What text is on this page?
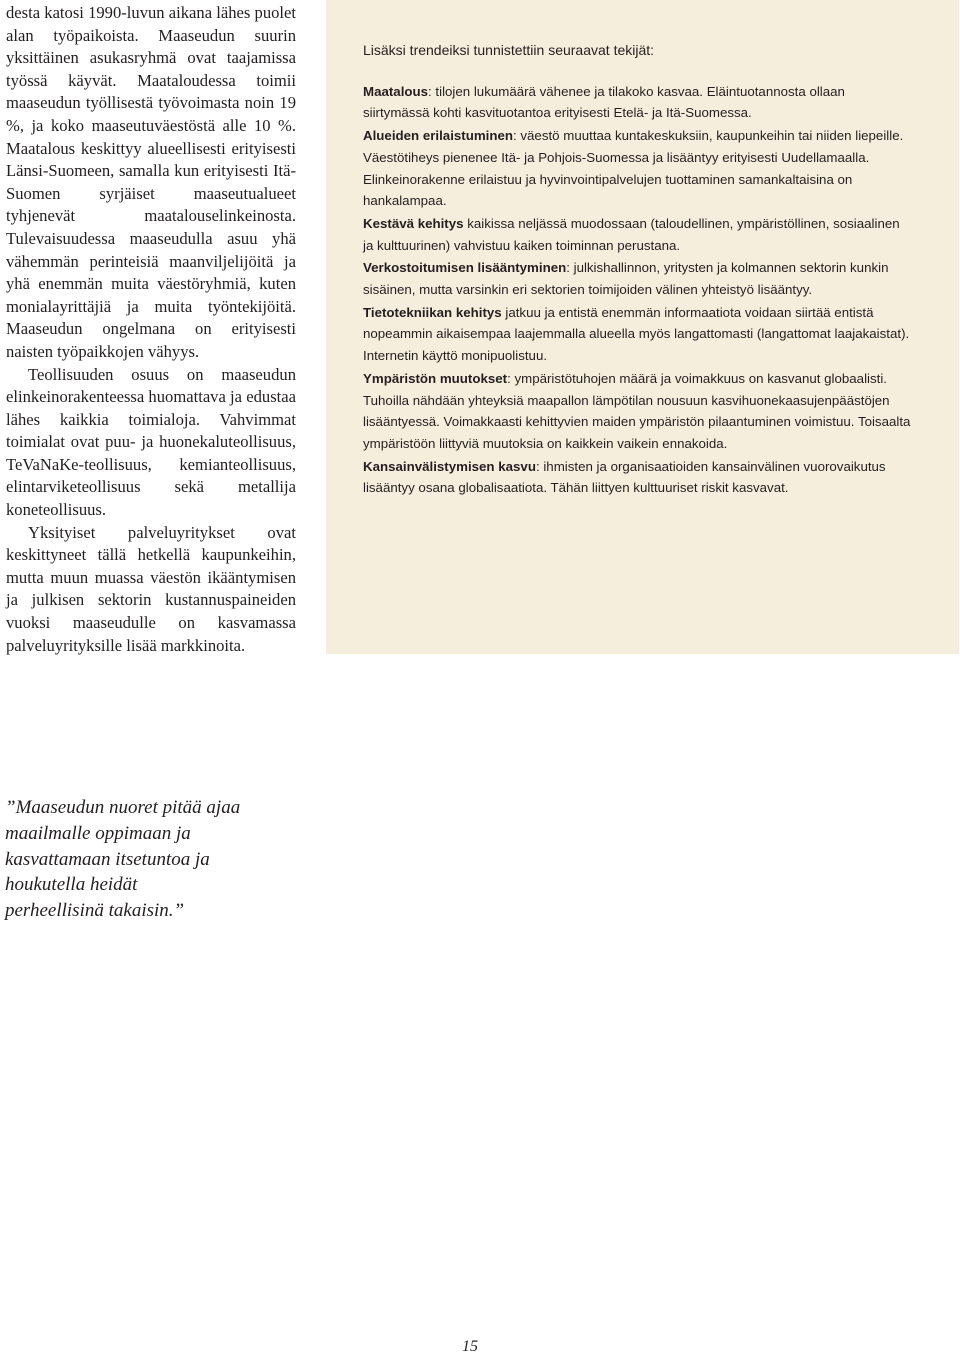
desta katosi 1990-luvun aikana lähes puolet alan työpaikoista. Maaseudun suurin yksittäinen asukasryhmä ovat taajamissa työssä käyvät. Maataloudessa toimii maaseudun työllisestä työvoimasta noin 19 %, ja koko maaseutuväestöstä alle 10 %. Maatalous keskittyy alueellisesti erityisesti Länsi-Suomeen, samalla kun erityisesti Itä-Suomen syrjäiset maaseutualueet tyhjenevät maatalouselinkeinosta. Tulevaisuudessa maaseudulla asuu yhä vähemmän perinteisiä maanviljelijöitä ja yhä enemmän muita väestöryhmiä, kuten monialayrittäjiä ja muita työntekijöitä. Maaseudun ongelmana on erityisesti naisten työpaikkojen vähyys.

Teollisuuden osuus on maaseudun elinkeinorakenteessa huomattava ja edustaa lähes kaikkia toimialoja. Vahvimmat toimialat ovat puu- ja huonekaluteollisuus, TeVaNaKe-teollisuus, kemianteollisuus, elintarviketeollisuus sekä metallija koneteollisuus.

Yksityiset palveluyritykset ovat keskittyneet tällä hetkellä kaupunkeihin, mutta muun muassa väestön ikääntymisen ja julkisen sektorin kustannuspaineiden vuoksi maaseudulle on kasvamassa palveluyrityksille lisää markkinoita.

Lisäksi trendeiksi tunnistettiin seuraavat tekijät:

Maatalous: tilojen lukumäärä vähenee ja tilakoko kasvaa. Eläintuotannosta ollaan siirtymässä kohti kasvituotantoa erityisesti Etelä- ja Itä-Suomessa.

Alueiden erilaistuminen: väestö muuttaa kuntakeskuksiin, kaupunkeihin tai niiden liepeille. Väestötiheys pienenee Itä- ja Pohjois-Suomessa ja lisääntyy erityisesti Uudellamaalla. Elinkeinorakenne erilaistuu ja hyvinvointipalvelujen tuottaminen samankaltaisina on hankalampaa.

Kestävä kehitys kaikissa neljässä muodossaan (taloudellinen, ympäristöllinen, sosiaalinen ja kulttuurinen) vahvistuu kaiken toiminnan perustana.

Verkostoitumisen lisääntyminen: julkishallinnon, yritysten ja kolmannen sektorin kunkin sisäinen, mutta varsinkin eri sektorien toimijoiden välinen yhteistyö lisääntyy.

Tietotekniikan kehitys jatkuu ja entistä enemmän informaatiota voidaan siirtää entistä nopeammin aikaisempaa laajemmalla alueella myös langattomasti (langattomat laajakaistat). Internetin käyttö monipuolistuu.

Ympäristön muutokset: ympäristötuhojen määrä ja voimakkuus on kasvanut globaalisti. Tuhoilla nähdään yhteyksiä maapallon lämpötilan nousuun kasvihuonekaasujenpäästöjen lisääntyessä. Voimakkaasti kehittyvien maiden ympäristön pilaantuminen voimistuu. Toisaalta ympäristöön liittyviä muutoksia on kaikkein vaikein ennakoida.

Kansainvälistymisen kasvu: ihmisten ja organisaatioiden kansainvälinen vuorovaikutus lisääntyy osana globalisaatiota. Tähän liittyen kulttuuriset riskit kasvavat.

”Maaseudun nuoret pitää ajaa
maailmalle oppimaan ja
kasvattamaan itsetuntoa ja
houkutella heidät
perheellisinä takaisin.”
15
